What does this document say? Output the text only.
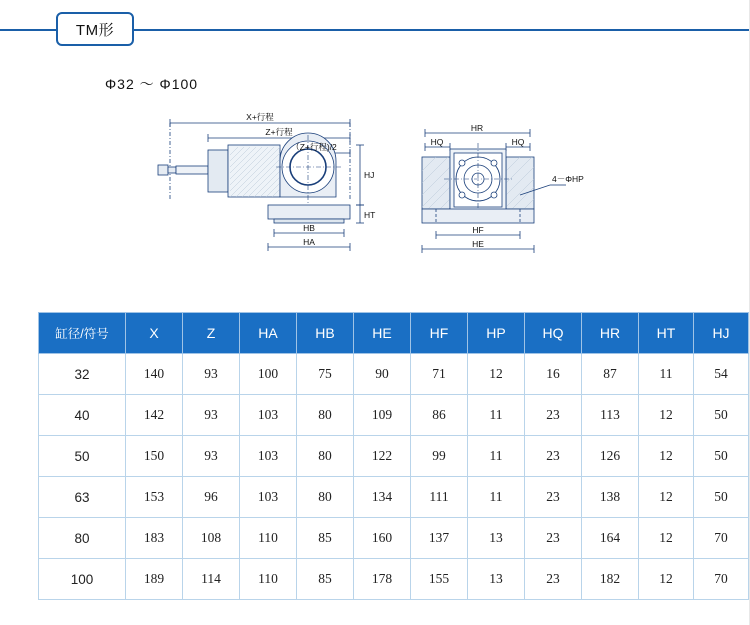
TM形
Φ32 ～ Φ100
X+行程
Z+行程
（Z+行程)/2
HB
HA
HR
HQ	HQ
HF
HE
HJ
HT
4－ΦHP
缸径/符号	X	Z	HA	HB	HE	HF	HP	HQ	HR	HT	HJ
32	140	93	100	75	90	71	12	16	87	11	54
40	142	93	103	80	109	86	11	23	113	12	50
50	150	93	103	80	122	99	11	23	126	12	50
63	153	96	103	80	134	111	11	23	138	12	50
80	183	108	110	85	160	137	13	23	164	12	70
100	189	114	110	85	178	155	13	23	182	12	70
